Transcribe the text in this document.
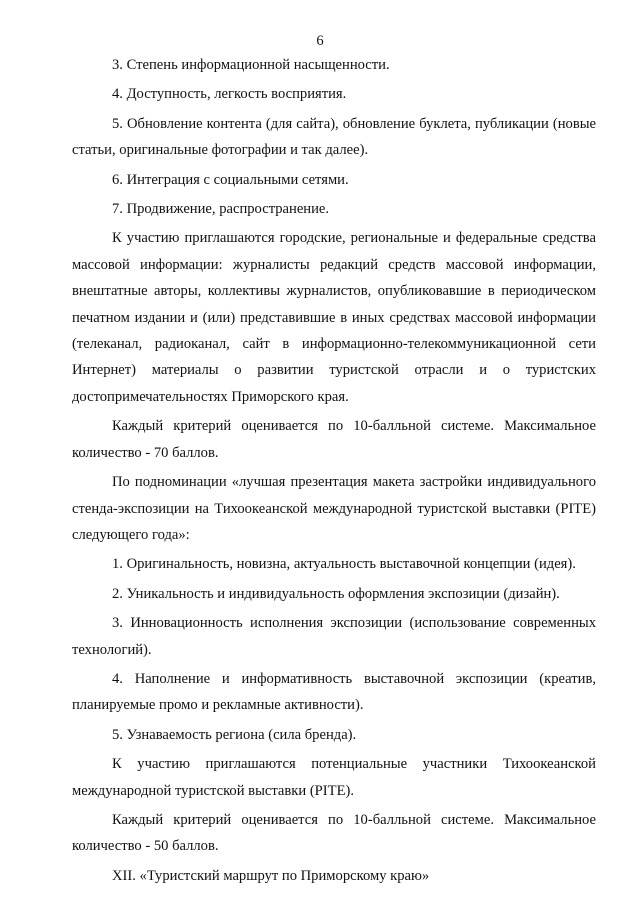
6

3. Степень информационной насыщенности.

4. Доступность, легкость восприятия.

5. Обновление контента (для сайта), обновление буклета, публикации (новые статьи, оригинальные фотографии и так далее).

6. Интеграция с социальными сетями.

7. Продвижение, распространение.

К участию приглашаются городские, региональные и федеральные средства массовой информации: журналисты редакций средств массовой информации, внештатные авторы, коллективы журналистов, опубликовавшие в периодическом печатном издании и (или) представившие в иных средствах массовой информации (телеканал, радиоканал, сайт в информационно-телекоммуникационной сети Интернет) материалы о развитии туристской отрасли и о туристских достопримечательностях Приморского края.

Каждый критерий оценивается по 10-балльной системе. Максимальное количество - 70 баллов.

По подноминации «лучшая презентация макета застройки индивидуального стенда-экспозиции на Тихоокеанской международной туристской выставки (PITE) следующего года»:

1. Оригинальность, новизна, актуальность выставочной концепции (идея).

2. Уникальность и индивидуальность оформления экспозиции (дизайн).

3. Инновационность исполнения экспозиции (использование современных технологий).

4. Наполнение и информативность выставочной экспозиции (креатив, планируемые промо и рекламные активности).

5. Узнаваемость региона (сила бренда).

К участию приглашаются потенциальные участники Тихоокеанской международной туристской выставки (PITE).

Каждый критерий оценивается по 10-балльной системе. Максимальное количество - 50 баллов.

XII. «Туристский маршрут по Приморскому краю»
